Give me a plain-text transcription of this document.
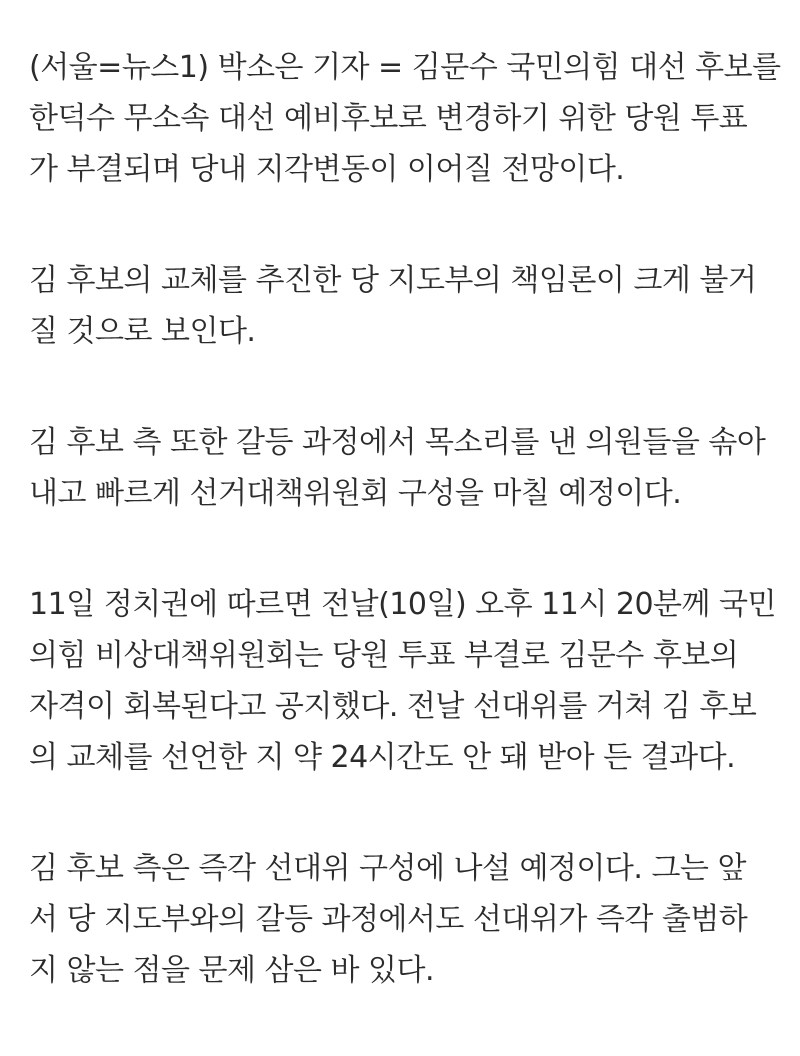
(서울=뉴스1) 박소은 기자 = 김문수 국민의힘 대선 후보를
한덕수 무소속 대선 예비후보로 변경하기 위한 당원 투표
가 부결되며 당내 지각변동이 이어질 전망이다.

김 후보의 교체를 추진한 당 지도부의 책임론이 크게 불거
질 것으로 보인다.

김 후보 측 또한 갈등 과정에서 목소리를 낸 의원들을 솎아
내고 빠르게 선거대책위원회 구성을 마칠 예정이다.

11일 정치권에 따르면 전날(10일) 오후 11시 20분께 국민
의힘 비상대책위원회는 당원 투표 부결로 김문수 후보의
자격이 회복된다고 공지했다. 전날 선대위를 거쳐 김 후보
의 교체를 선언한 지 약 24시간도 안 돼 받아 든 결과다.

김 후보 측은 즉각 선대위 구성에 나설 예정이다. 그는 앞
서 당 지도부와의 갈등 과정에서도 선대위가 즉각 출범하
지 않는 점을 문제 삼은 바 있다.
